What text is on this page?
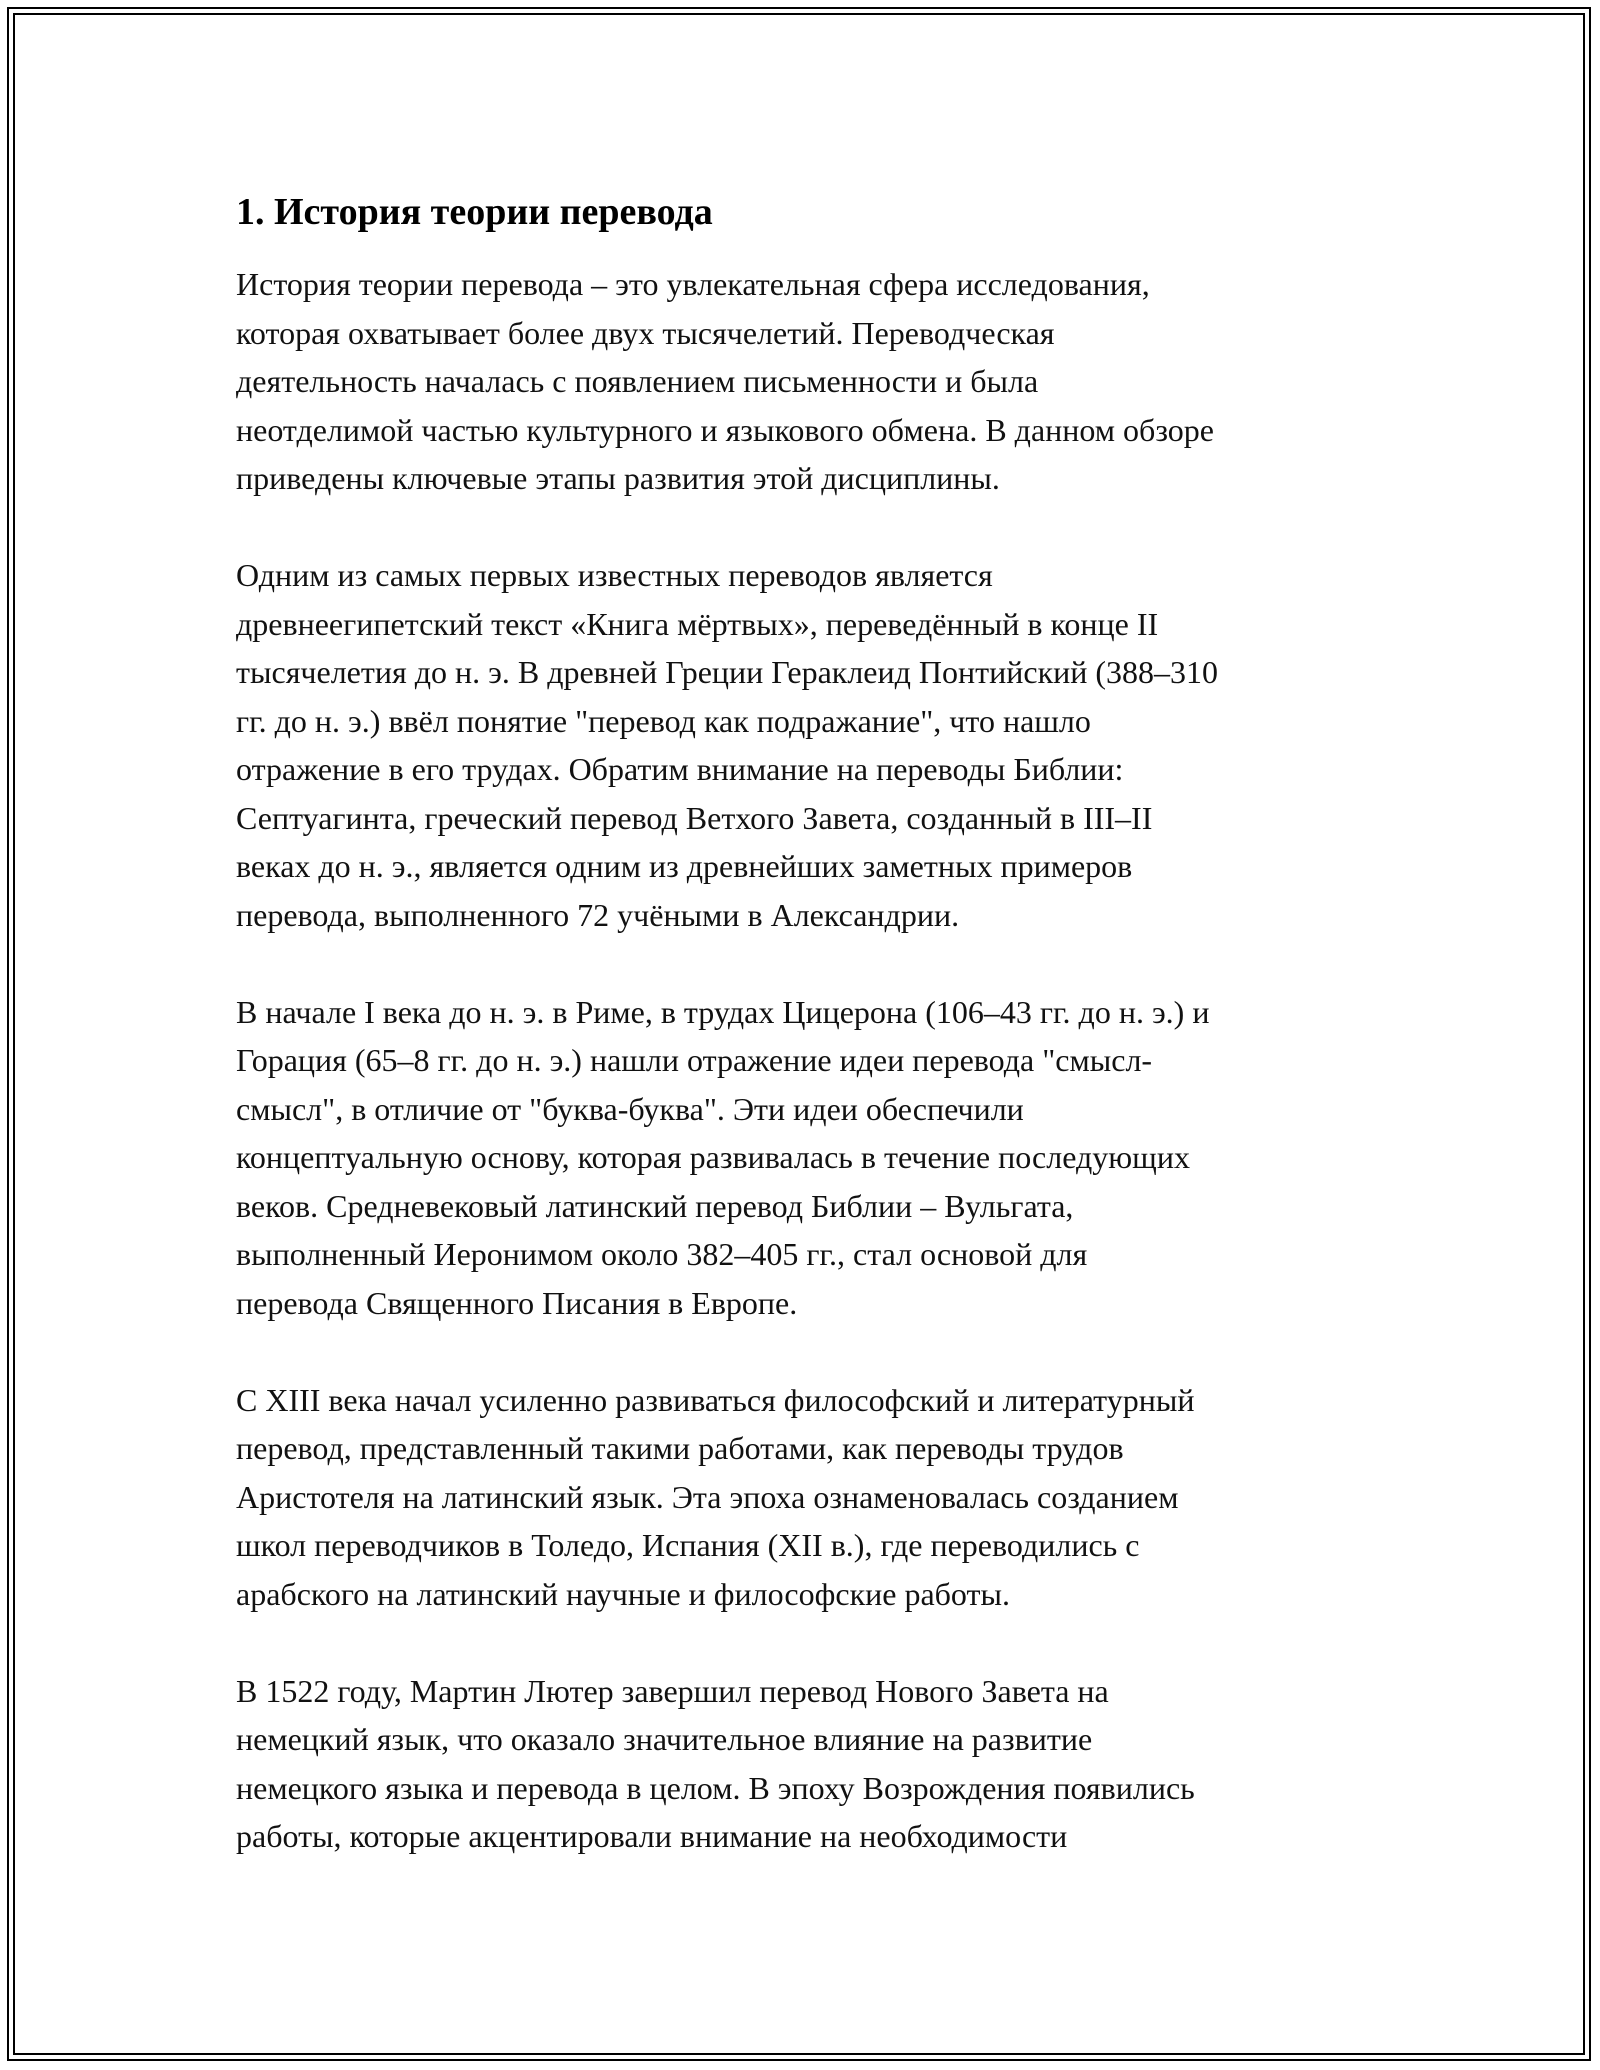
1. История теории перевода

История теории перевода – это увлекательная сфера исследования,
которая охватывает более двух тысячелетий. Переводческая
деятельность началась с появлением письменности и была
неотделимой частью культурного и языкового обмена. В данном обзоре
приведены ключевые этапы развития этой дисциплины.

Одним из самых первых известных переводов является
древнеегипетский текст «Книга мёртвых», переведённый в конце II
тысячелетия до н. э. В древней Греции Гераклеид Понтийский (388–310
гг. до н. э.) ввёл понятие "перевод как подражание", что нашло
отражение в его трудах. Обратим внимание на переводы Библии:
Септуагинта, греческий перевод Ветхого Завета, созданный в III–II
веках до н. э., является одним из древнейших заметных примеров
перевода, выполненного 72 учёными в Александрии.

В начале I века до н. э. в Риме, в трудах Цицерона (106–43 гг. до н. э.) и
Горация (65–8 гг. до н. э.) нашли отражение идеи перевода "смысл-
смысл", в отличие от "буква-буква". Эти идеи обеспечили
концептуальную основу, которая развивалась в течение последующих
веков. Средневековый латинский перевод Библии – Вульгата,
выполненный Иеронимом около 382–405 гг., стал основой для
перевода Священного Писания в Европе.

С XIII века начал усиленно развиваться философский и литературный
перевод, представленный такими работами, как переводы трудов
Аристотеля на латинский язык. Эта эпоха ознаменовалась созданием
школ переводчиков в Толедо, Испания (XII в.), где переводились с
арабского на латинский научные и философские работы.

В 1522 году, Мартин Лютер завершил перевод Нового Завета на
немецкий язык, что оказало значительное влияние на развитие
немецкого языка и перевода в целом. В эпоху Возрождения появились
работы, которые акцентировали внимание на необходимости
